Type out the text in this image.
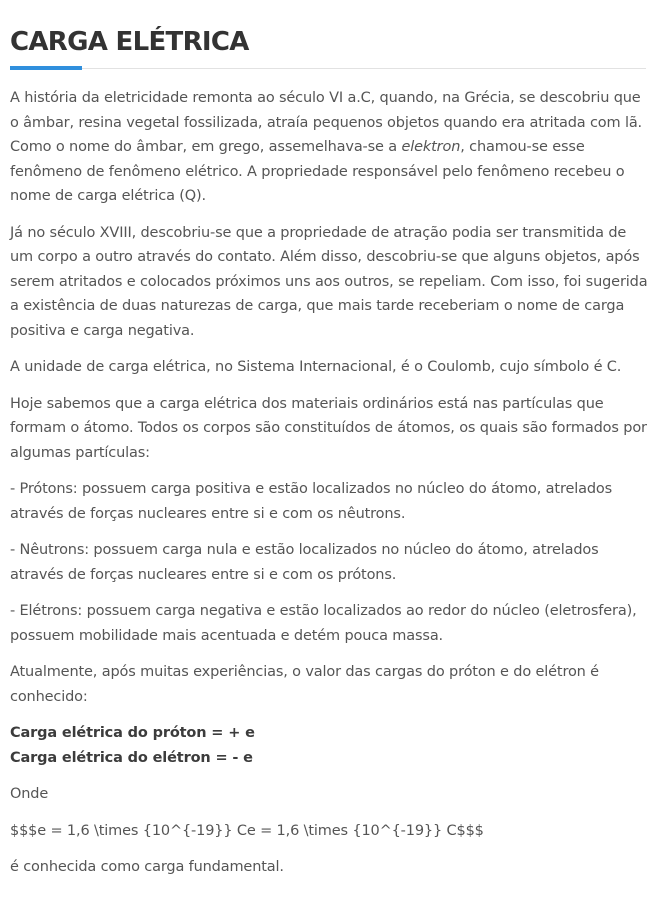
CARGA ELÉTRICA

A história da eletricidade remonta ao século VI a.C, quando, na Grécia, se descobriu que o âmbar, resina vegetal fossilizada, atraía pequenos objetos quando era atritada com lã. Como o nome do âmbar, em grego, assemelhava-se a elektron, chamou-se esse fenômeno de fenômeno elétrico. A propriedade responsável pelo fenômeno recebeu o nome de carga elétrica (Q).

Já no século XVIII, descobriu-se que a propriedade de atração podia ser transmitida de um corpo a outro através do contato. Além disso, descobriu-se que alguns objetos, após serem atritados e colocados próximos uns aos outros, se repeliam. Com isso, foi sugerida a existência de duas naturezas de carga, que mais tarde receberiam o nome de carga positiva e carga negativa.

A unidade de carga elétrica, no Sistema Internacional, é o Coulomb, cujo símbolo é C.

Hoje sabemos que a carga elétrica dos materiais ordinários está nas partículas que formam o átomo. Todos os corpos são constituídos de átomos, os quais são formados por algumas partículas:

- Prótons: possuem carga positiva e estão localizados no núcleo do átomo, atrelados através de forças nucleares entre si e com os nêutrons.

- Nêutrons: possuem carga nula e estão localizados no núcleo do átomo, atrelados através de forças nucleares entre si e com os prótons.

- Elétrons: possuem carga negativa e estão localizados ao redor do núcleo (eletrosfera), possuem mobilidade mais acentuada e detém pouca massa.

Atualmente, após muitas experiências, o valor das cargas do próton e do elétron é conhecido:

Carga elétrica do próton = + e
Carga elétrica do elétron = - e

Onde

$$$e = 1,6 \times {10^{-19}} Ce = 1,6 \times {10^{-19}} C$$$

é conhecida como carga fundamental.
